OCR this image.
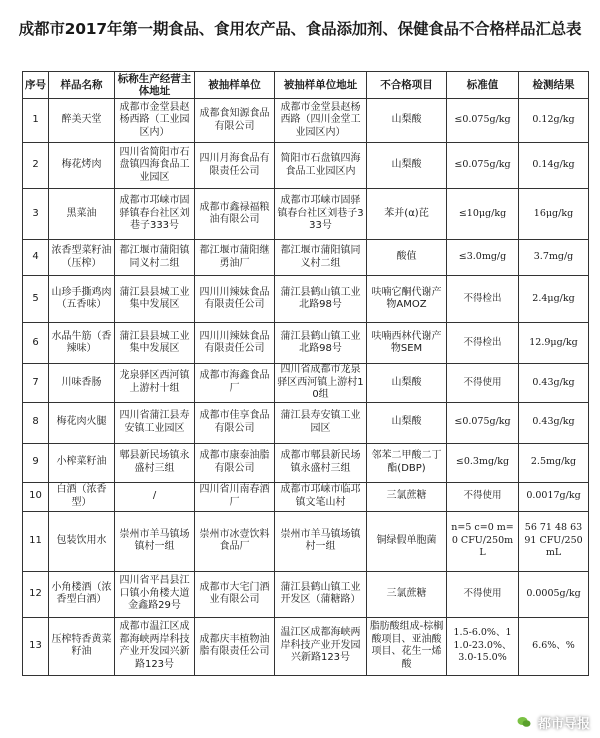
成都市2017年第一期食品、食用农产品、食品添加剂、保健食品不合格样品汇总表
序号	样品名称	标称生产经营主体地址	被抽样单位	被抽样单位地址	不合格项目	标准值	检测结果
1	醉美天堂	成都市金堂县赵杨西路（工业园区内）	成都食知源食品有限公司	成都市金堂县赵杨西路（四川金堂工业园区内）	山梨酸	≤0.075g/kg	0.12g/kg
2	梅花烤肉	四川省简阳市石盘镇四海食品工业园区	四川月海食品有限责任公司	简阳市石盘镇四海食品工业园区内	山梨酸	≤0.075g/kg	0.14g/kg
3	黑菜油	成都市邛崃市固驿镇春台社区刘巷子333号	成都市鑫禄福粮油有限公司	成都市邛崃市固驿镇春台社区刘巷子333号	苯并(α)芘	≤10μg/kg	16μg/kg
4	浓香型菜籽油（压榨）	都江堰市蒲阳镇同义村二组	都江堰市蒲阳继勇油厂	都江堰市蒲阳镇同义村二组	酸值	≤3.0mg/g	3.7mg/g
5	山珍手撕鸡肉（五香味）	蒲江县县城工业集中发展区	四川川辣妹食品有限责任公司	蒲江县鹤山镇工业北路98号	呋喃它酮代谢产物AMOZ	不得检出	2.4μg/kg
6	水晶牛筋（香辣味）	蒲江县县城工业集中发展区	四川川辣妹食品有限责任公司	蒲江县鹤山镇工业北路98号	呋喃西林代谢产物SEM	不得检出	12.9μg/kg
7	川味香肠	龙泉驿区西河镇上游村十组	成都市海鑫食品厂	四川省成都市龙泉驿区西河镇上游村10组	山梨酸	不得使用	0.43g/kg
8	梅花肉火腿	四川省蒲江县寿安镇工业园区	成都市佳享食品有限公司	蒲江县寿安镇工业园区	山梨酸	≤0.075g/kg	0.43g/kg
9	小榨菜籽油	郫县新民场镇永盛村三组	成都市康泰油脂有限公司	成都市郫县新民场镇永盛村三组	邻苯二甲酸二丁酯(DBP)	≤0.3mg/kg	2.5mg/kg
10	白酒（浓香型）	/	四川省川南春酒厂	成都市邛崃市临邛镇文笔山村	三氯蔗糖	不得使用	0.0017g/kg
11	包装饮用水	崇州市羊马镇场镇村一组	崇州市冰壹饮料食品厂	崇州市羊马镇场镇村一组	铜绿假单胞菌	n=5 c=0 m=0 CFU/250mL	56 71 48 63 91 CFU/250mL
12	小角楼酒（浓香型白酒）	四川省平昌县江口镇小角楼大道金鑫路29号	成都市大宅门酒业有限公司	蒲江县鹤山镇工业开发区（蒲糖路）	三氯蔗糖	不得使用	0.0005g/kg
13	压榨特香黄菜籽油	成都市温江区成都海峡两岸科技产业开发园兴新路123号	成都庆丰植物油脂有限责任公司	温江区成都海峡两岸科技产业开发园兴新路123号	脂肪酸组成-棕榈酸项目、亚油酸项目、花生一烯酸	1.5-6.0%、11.0-23.0%、3.0-15.0%	6.6%、%
都市导报
